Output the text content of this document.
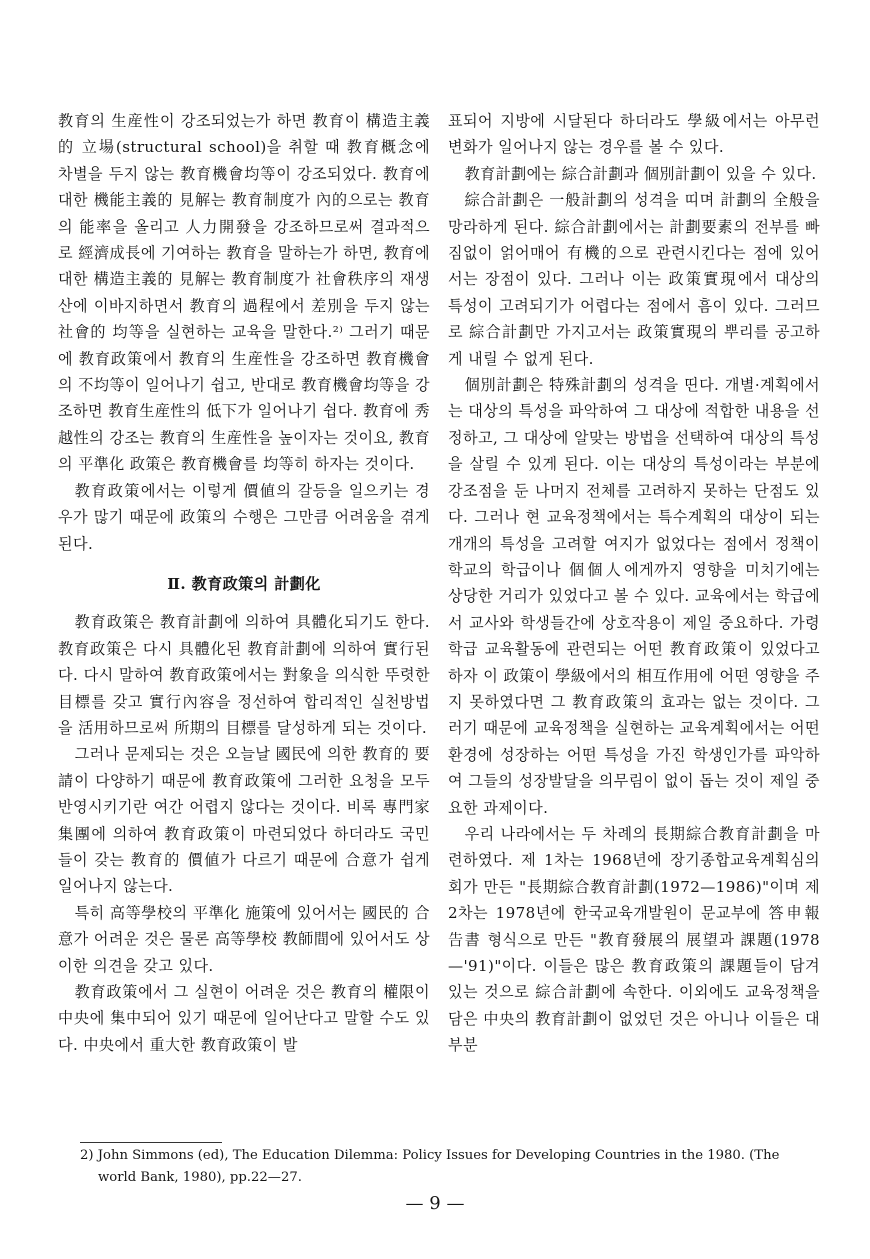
教育의 生産性이 강조되었는가 하면 教育이 構造主義的 立場(structural school)을 취할 때 教育概念에 차별을 두지 않는 教育機會均等이 강조되었다. 教育에 대한 機能主義的 見解는 教育制度가 內的으로는 教育의 能率을 올리고 人力開發을 강조하므로써 결과적으로 經濟成長에 기여하는 教育을 말하는가 하면, 教育에 대한 構造主義的 見解는 教育制度가 社會秩序의 재생산에 이바지하면서 教育의 過程에서 差別을 두지 않는 社會的 均等을 실현하는 교육을 말한다.²⁾ 그러기 때문에 教育政策에서 教育의 生産性을 강조하면 教育機會의 不均等이 일어나기 쉽고, 반대로 教育機會均等을 강조하면 教育生産性의 低下가 일어나기 쉽다. 教育에 秀越性의 강조는 教育의 生産性을 높이자는 것이요, 教育의 平準化 政策은 教育機會를 均等히 하자는 것이다.

教育政策에서는 이렇게 價値의 갈등을 일으키는 경우가 많기 때문에 政策의 수행은 그만큼 어려움을 겪게 된다.

Ⅱ. 教育政策의 計劃化

教育政策은 教育計劃에 의하여 具體化되기도 한다. 教育政策은 다시 具體化된 教育計劃에 의하여 實行된다. 다시 말하여 教育政策에서는 對象을 의식한 뚜렷한 目標를 갖고 實行內容을 정선하여 합리적인 실천방법을 活用하므로써 所期의 目標를 달성하게 되는 것이다.

그러나 문제되는 것은 오늘날 國民에 의한 教育的 要請이 다양하기 때문에 教育政策에 그러한 요청을 모두 반영시키기란 여간 어렵지 않다는 것이다. 비록 專門家 集團에 의하여 教育政策이 마련되었다 하더라도 국민들이 갖는 教育的 價値가 다르기 때문에 合意가 쉽게 일어나지 않는다.

특히 高等學校의 平準化 施策에 있어서는 國民的 合意가 어려운 것은 물론 高等學校 教師間에 있어서도 상이한 의견을 갖고 있다.

教育政策에서 그 실현이 어려운 것은 教育의 權限이 中央에 集中되어 있기 때문에 일어난다고 말할 수도 있다. 中央에서 重大한 教育政策이 발

표되어 지방에 시달된다 하더라도 學級에서는 아무런 변화가 일어나지 않는 경우를 볼 수 있다.

教育計劃에는 綜合計劃과 個別計劃이 있을 수 있다.

綜合計劃은 一般計劃의 성격을 띠며 計劃의 全般을 망라하게 된다. 綜合計劃에서는 計劃要素의 전부를 빠짐없이 얽어매어 有機的으로 관련시킨다는 점에 있어서는 장점이 있다. 그러나 이는 政策實現에서 대상의 특성이 고려되기가 어렵다는 점에서 흠이 있다. 그러므로 綜合計劃만 가지고서는 政策實現의 뿌리를 공고하게 내릴 수 없게 된다.

個別計劃은 特殊計劃의 성격을 띤다. 개별·계획에서는 대상의 특성을 파악하여 그 대상에 적합한 내용을 선정하고, 그 대상에 알맞는 방법을 선택하여 대상의 특성을 살릴 수 있게 된다. 이는 대상의 특성이라는 부분에 강조점을 둔 나머지 전체를 고려하지 못하는 단점도 있다. 그러나 현 교육정책에서는 특수계획의 대상이 되는 개개의 특성을 고려할 여지가 없었다는 점에서 정책이 학교의 학급이나 個個人에게까지 영향을 미치기에는 상당한 거리가 있었다고 볼 수 있다. 교육에서는 학급에서 교사와 학생들간에 상호작용이 제일 중요하다. 가령 학급 교육활동에 관련되는 어떤 教育政策이 있었다고 하자 이 政策이 學級에서의 相互作用에 어떤 영향을 주지 못하였다면 그 教育政策의 효과는 없는 것이다. 그러기 때문에 교육정책을 실현하는 교육계획에서는 어떤 환경에 성장하는 어떤 특성을 가진 학생인가를 파악하여 그들의 성장발달을 의무림이 없이 돕는 것이 제일 중요한 과제이다.

우리 나라에서는 두 차례의 長期綜合教育計劃을 마련하였다. 제 1차는 1968년에 장기종합교육계획심의회가 만든 "長期綜合教育計劃(1972—1986)"이며 제 2차는 1978년에 한국교육개발원이 문교부에 答申報告書 형식으로 만든 "教育發展의 展望과 課題(1978—'91)"이다. 이들은 많은 教育政策의 課題들이 담겨 있는 것으로 綜合計劃에 속한다. 이외에도 교육정책을 담은 中央의 教育計劃이 없었던 것은 아니나 이들은 대부분

2) John Simmons (ed), The Education Dilemma: Policy Issues for Developing Countries in the 1980. (The world Bank, 1980), pp.22—27.
— 9 —
